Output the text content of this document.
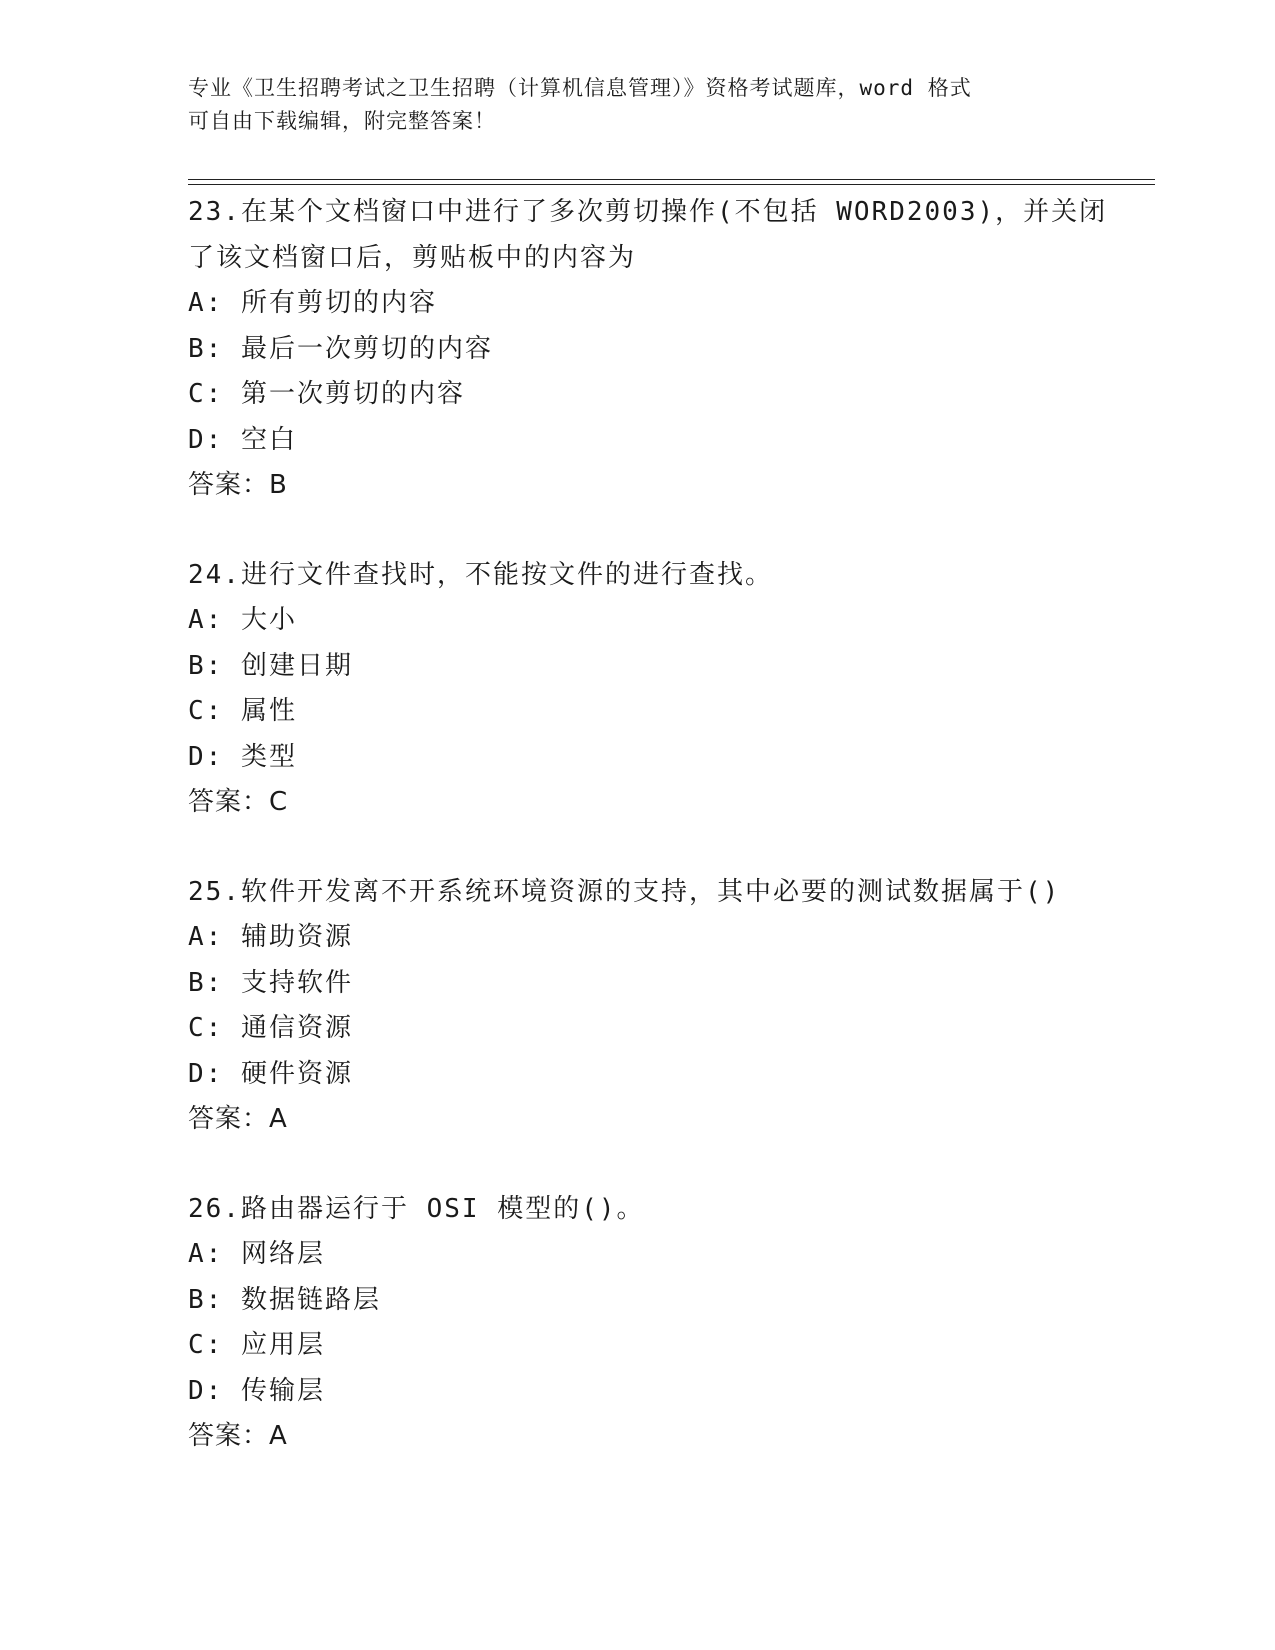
专业《卫生招聘考试之卫生招聘（计算机信息管理）》资格考试题库，word 格式

可自由下载编辑，附完整答案！

23.在某个文档窗口中进行了多次剪切操作(不包括 WORD2003)，并关闭

了该文档窗口后，剪贴板中的内容为

A: 所有剪切的内容

B: 最后一次剪切的内容

C: 第一次剪切的内容

D: 空白

答案：B

24.进行文件查找时，不能按文件的进行查找。

A: 大小

B: 创建日期

C: 属性

D: 类型

答案：C

25.软件开发离不开系统环境资源的支持，其中必要的测试数据属于()

A: 辅助资源

B: 支持软件

C: 通信资源

D: 硬件资源

答案：A

26.路由器运行于 OSI 模型的()。

A: 网络层

B: 数据链路层

C: 应用层

D: 传输层

答案：A
